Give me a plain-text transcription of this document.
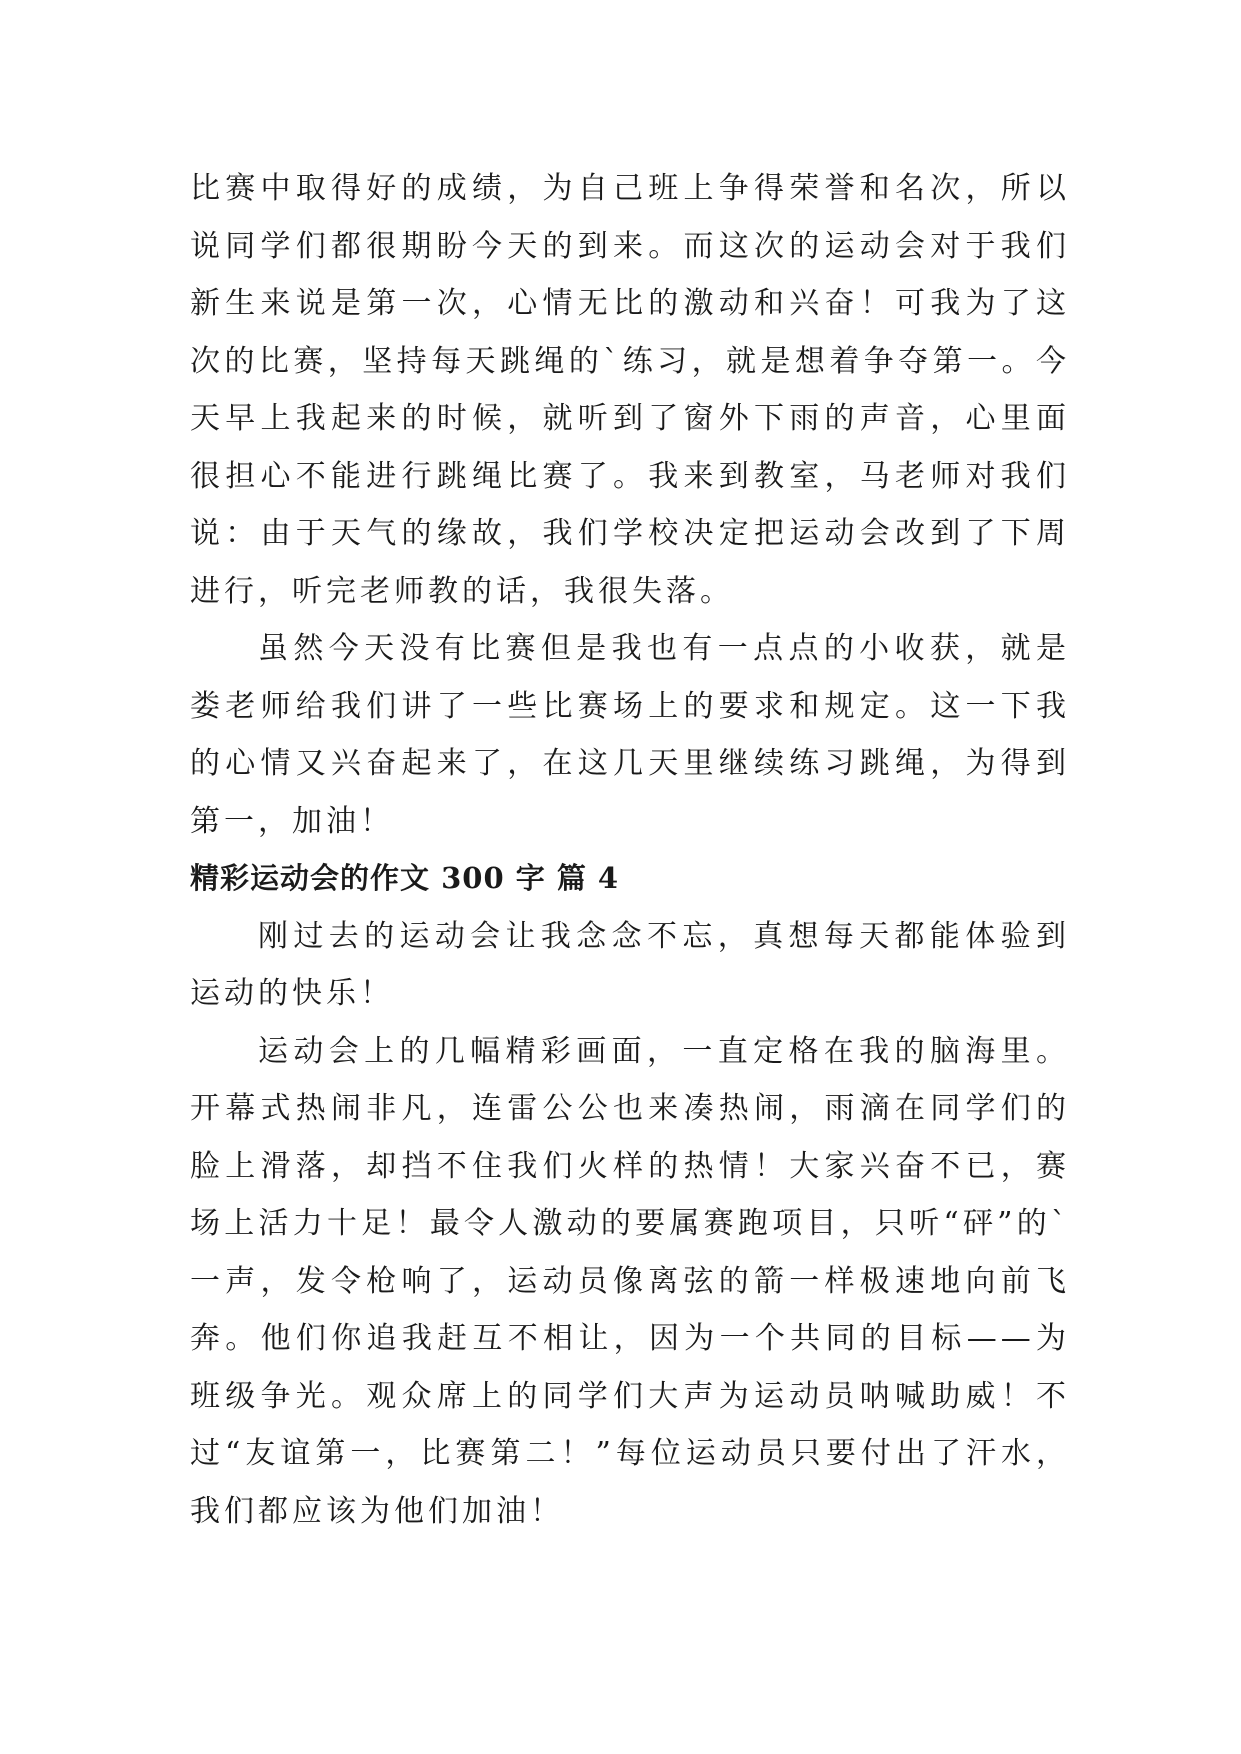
比赛中取得好的成绩，为自己班上争得荣誉和名次，所以说同学们都很期盼今天的到来。而这次的运动会对于我们新生来说是第一次，心情无比的激动和兴奋！可我为了这次的比赛，坚持每天跳绳的`练习，就是想着争夺第一。今天早上我起来的时候，就听到了窗外下雨的声音，心里面很担心不能进行跳绳比赛了。我来到教室，马老师对我们说：由于天气的缘故，我们学校决定把运动会改到了下周进行，听完老师教的话，我很失落。

虽然今天没有比赛但是我也有一点点的小收获，就是娄老师给我们讲了一些比赛场上的要求和规定。这一下我的心情又兴奋起来了，在这几天里继续练习跳绳，为得到第一，加油！

精彩运动会的作文 300 字 篇 4

刚过去的运动会让我念念不忘，真想每天都能体验到运动的快乐！

运动会上的几幅精彩画面，一直定格在我的脑海里。开幕式热闹非凡，连雷公公也来凑热闹，雨滴在同学们的脸上滑落，却挡不住我们火样的热情！大家兴奋不已，赛场上活力十足！最令人激动的要属赛跑项目，只听“砰”的`一声，发令枪响了，运动员像离弦的箭一样极速地向前飞奔。他们你追我赶互不相让，因为一个共同的目标——为班级争光。观众席上的同学们大声为运动员呐喊助威！不过“友谊第一，比赛第二！”每位运动员只要付出了汗水，我们都应该为他们加油！
